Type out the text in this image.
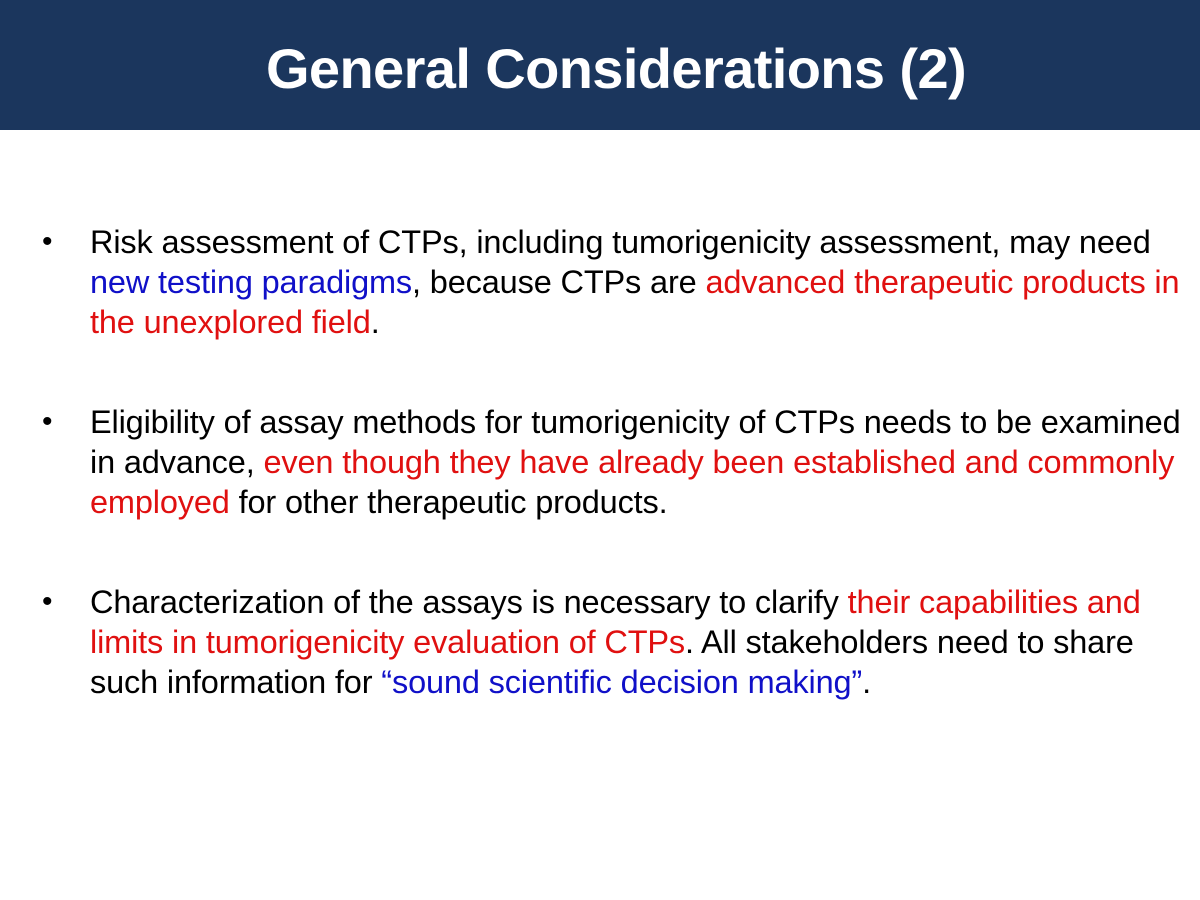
General Considerations (2)
• Risk assessment of CTPs, including tumorigenicity assessment, may need new testing paradigms, because CTPs are advanced therapeutic products in the unexplored field.
• Eligibility of assay methods for tumorigenicity of CTPs needs to be examined in advance, even though they have already been established and commonly employed for other therapeutic products.
• Characterization of the assays is necessary to clarify their capabilities and limits in tumorigenicity evaluation of CTPs. All stakeholders need to share such information for “sound scientific decision making”.
